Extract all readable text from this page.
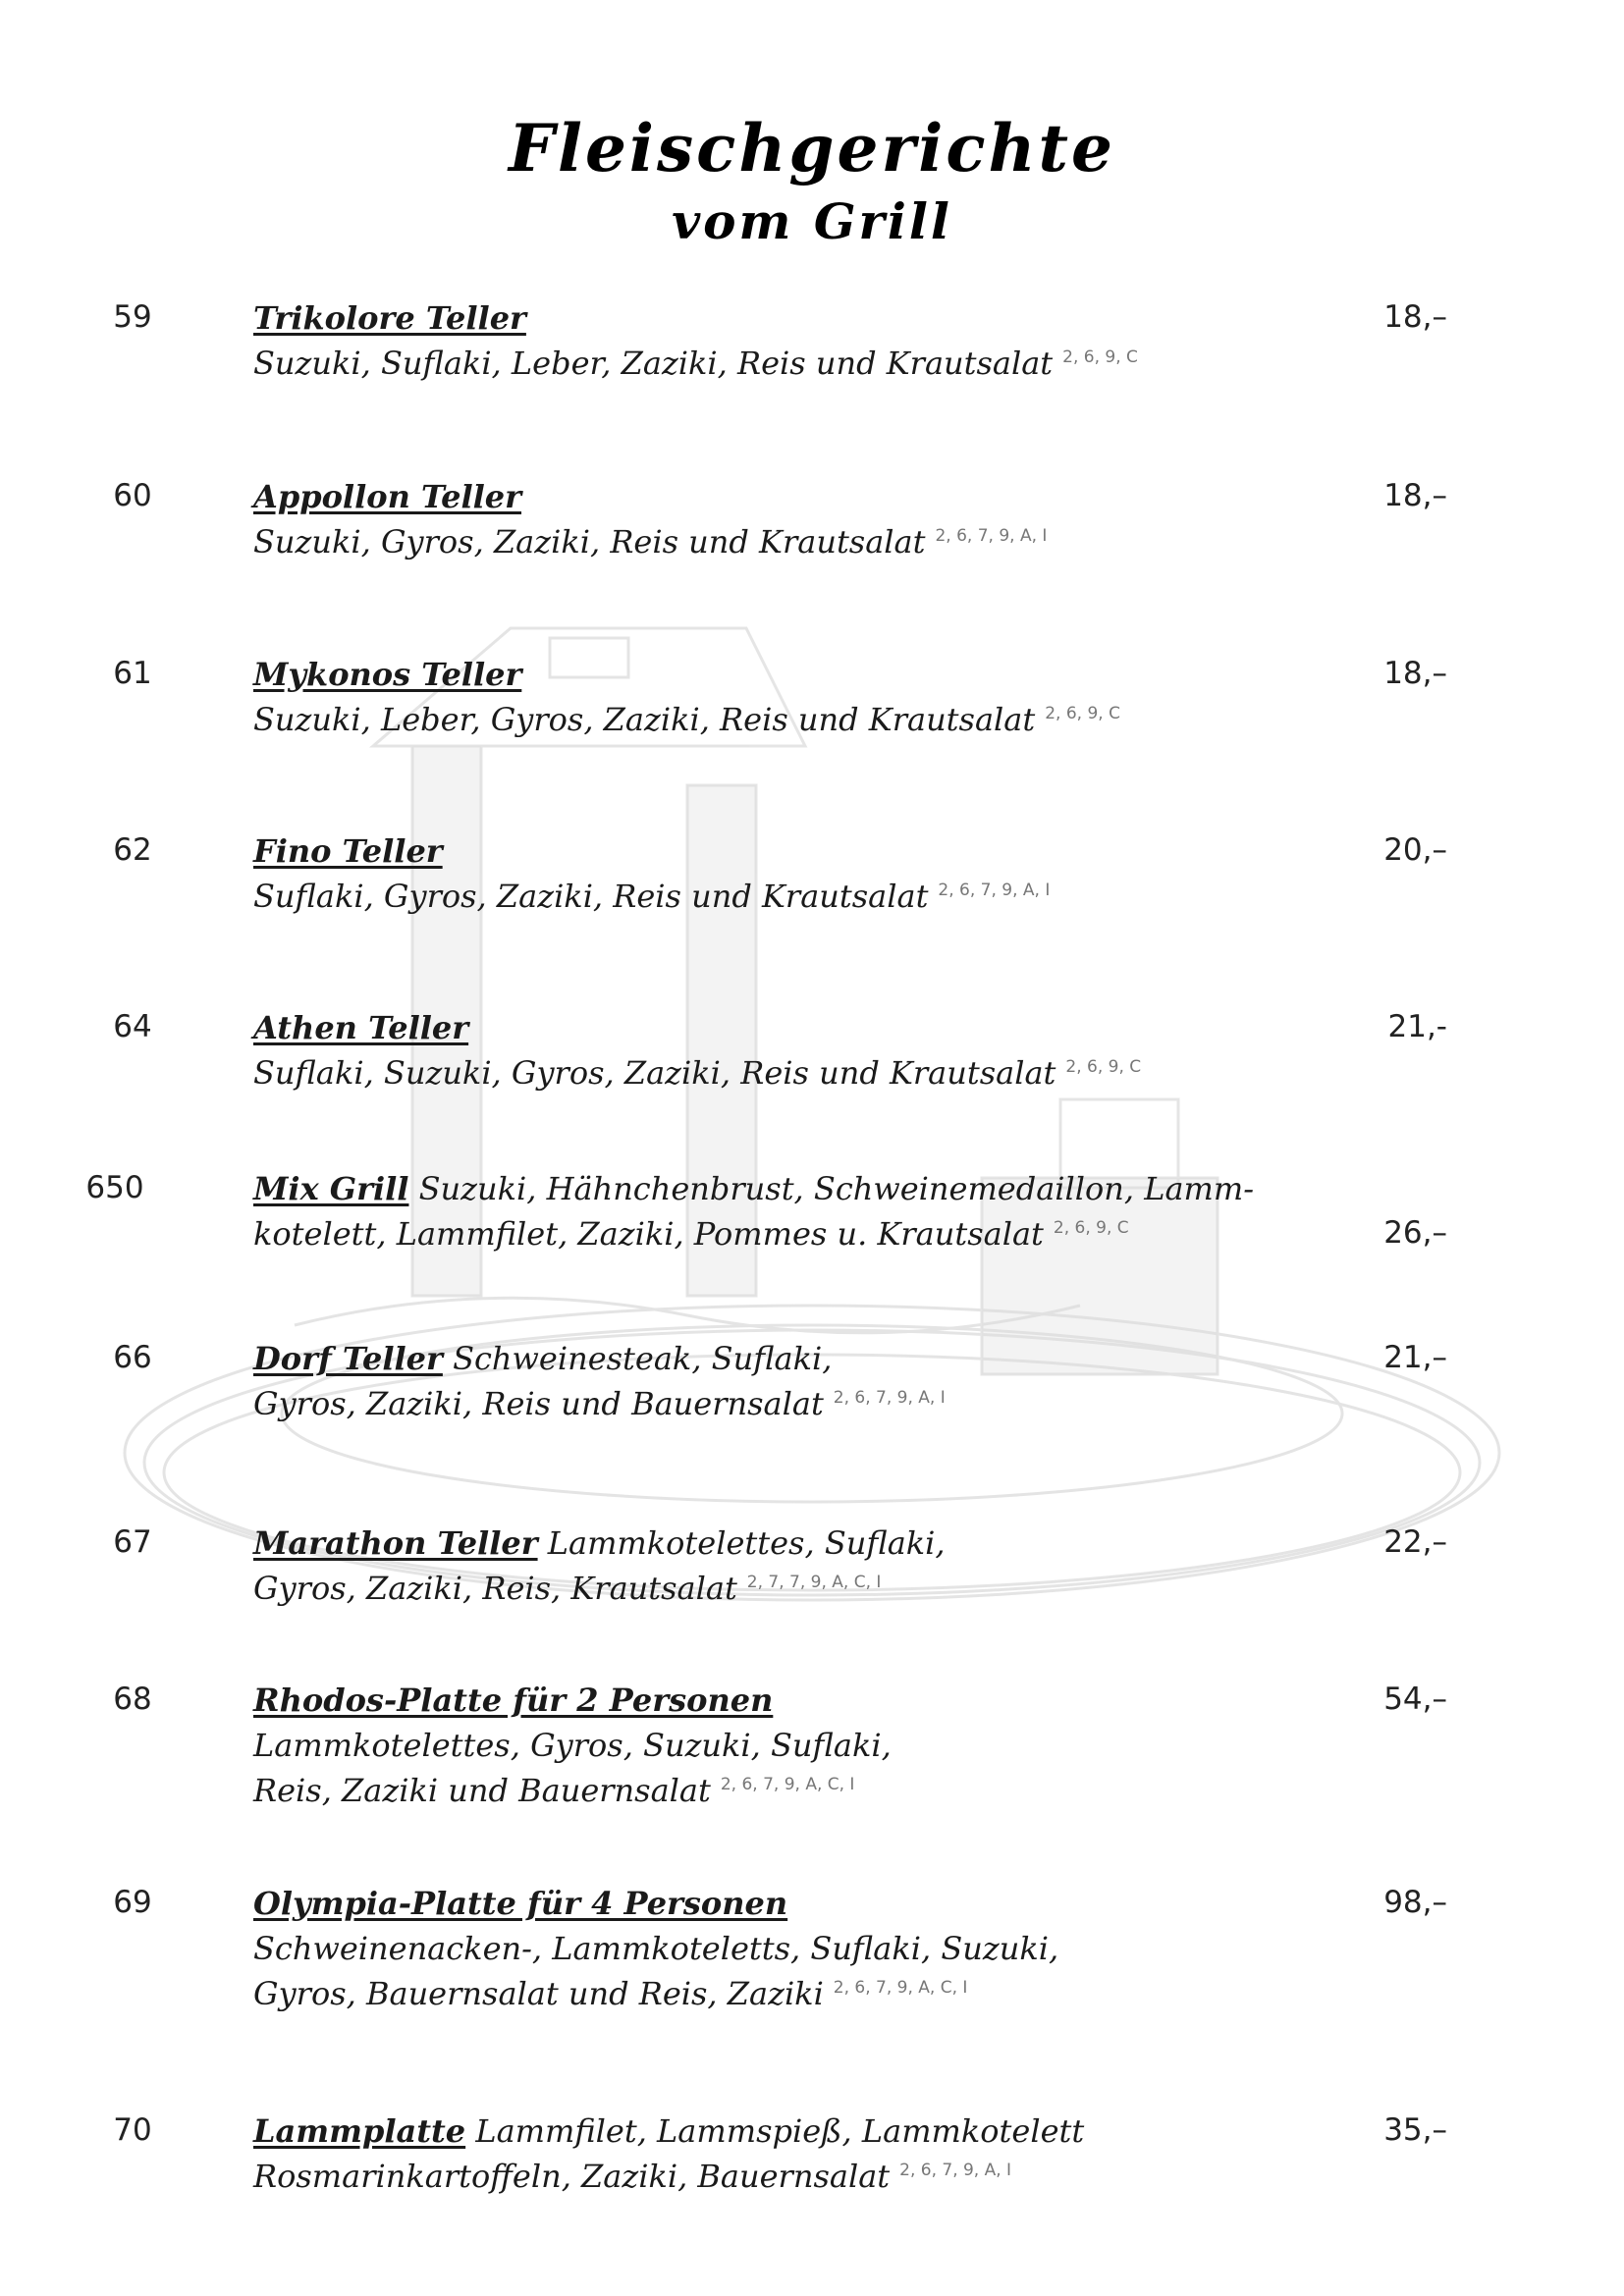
Fleischgerichte
vom Grill
59	Trikolore Teller	18,–
Suzuki, Suflaki, Leber, Zaziki, Reis und Krautsalat $^{2, 6, 9, C}$
60	Appollon Teller	18,–
Suzuki, Gyros, Zaziki, Reis und Krautsalat $^{2, 6, 7, 9, A, I}$
61	Mykonos Teller	18,–
Suzuki, Leber, Gyros, Zaziki, Reis und Krautsalat $^{2, 6, 9, C}$
62	Fino Teller	20,–
Suflaki, Gyros, Zaziki, Reis und Krautsalat $^{2, 6, 7, 9, A, I}$
64	Athen Teller	21,-
Suflaki, Suzuki, Gyros, Zaziki, Reis und Krautsalat $^{2, 6, 9, C}$
650	Mix Grill Suzuki, Hähnchenbrust, Schweinemedaillon, Lamm-
kotelett, Lammfilet, Zaziki, Pommes u. Krautsalat $^{2, 6, 9, C}$	26,–
66	Dorf Teller Schweinesteak, Suflaki,	21,–
Gyros, Zaziki, Reis und Bauernsalat $^{2, 6, 7, 9, A, I}$
67	Marathon Teller Lammkotelettes, Suflaki,	22,–
Gyros, Zaziki, Reis, Krautsalat $^{2, 7, 7, 9, A, C, I}$
68	Rhodos-Platte für 2 Personen	54,–
Lammkotelettes, Gyros, Suzuki, Suflaki,
Reis, Zaziki und Bauernsalat $^{2, 6, 7, 9, A, C, I}$
69	Olympia-Platte für 4 Personen	98,–
Schweinenacken-, Lammkoteletts, Suflaki, Suzuki,
Gyros, Bauernsalat und Reis, Zaziki $^{2, 6, 7, 9, A, C, I}$
70	Lammplatte Lammfilet, Lammspieß, Lammkotelett	35,–
Rosmarinkartoffeln, Zaziki, Bauernsalat $^{2, 6, 7, 9, A, I}$
